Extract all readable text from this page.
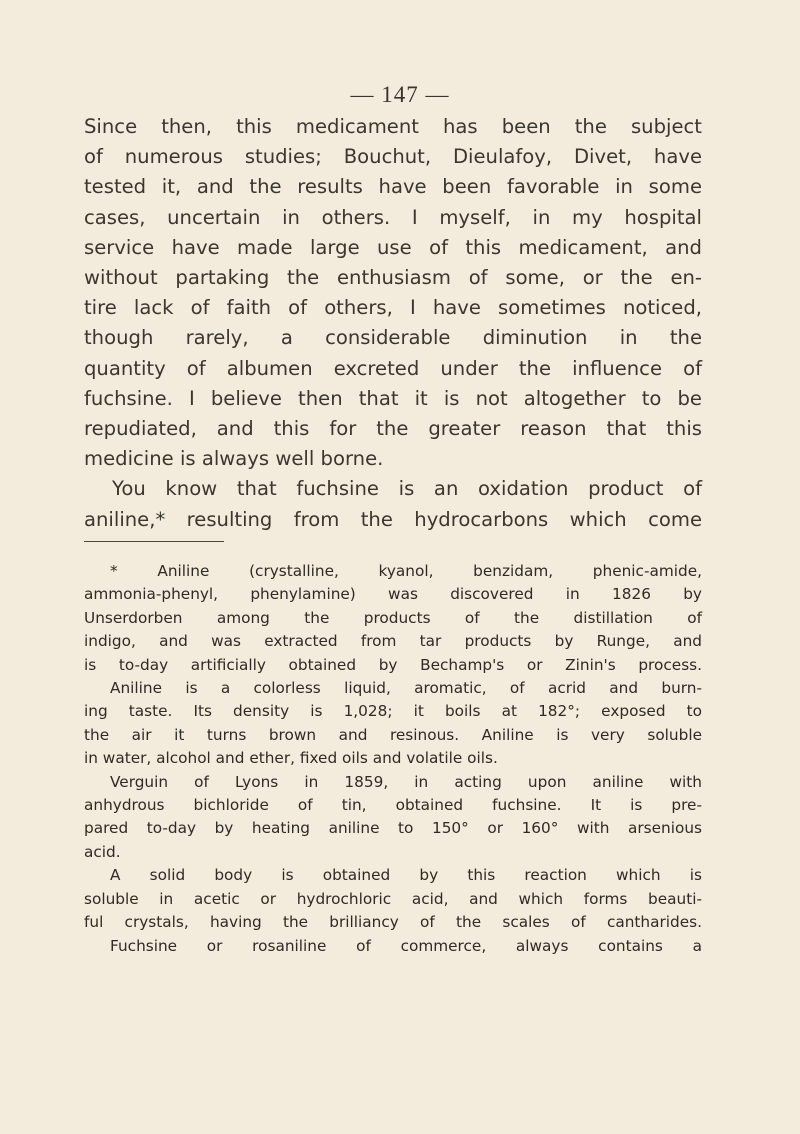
— 147 —
Since then, this medicament has been the subject
of numerous studies; Bouchut, Dieulafoy, Divet, have
tested it, and the results have been favorable in some
cases, uncertain in others. I myself, in my hospital
service have made large use of this medicament, and
without partaking the enthusiasm of some, or the en-
tire lack of faith of others, I have sometimes noticed,
though rarely, a considerable diminution in the
quantity of albumen excreted under the influence of
fuchsine. I believe then that it is not altogether to be
repudiated, and this for the greater reason that this
medicine is always well borne.
You know that fuchsine is an oxidation product of
aniline,* resulting from the hydrocarbons which come
* Aniline (crystalline, kyanol, benzidam, phenic-amide,
ammonia-phenyl, phenylamine) was discovered in 1826 by
Unserdorben among the products of the distillation of
indigo, and was extracted from tar products by Runge, and
is to-day artificially obtained by Bechamp's or Zinin's process.
Aniline is a colorless liquid, aromatic, of acrid and burn-
ing taste. Its density is 1,028; it boils at 182°; exposed to
the air it turns brown and resinous. Aniline is very soluble
in water, alcohol and ether, fixed oils and volatile oils.
Verguin of Lyons in 1859, in acting upon aniline with
anhydrous bichloride of tin, obtained fuchsine. It is pre-
pared to-day by heating aniline to 150° or 160° with arsenious
acid.
A solid body is obtained by this reaction which is
soluble in acetic or hydrochloric acid, and which forms beauti-
ful crystals, having the brilliancy of the scales of cantharides.
Fuchsine or rosaniline of commerce, always contains a
